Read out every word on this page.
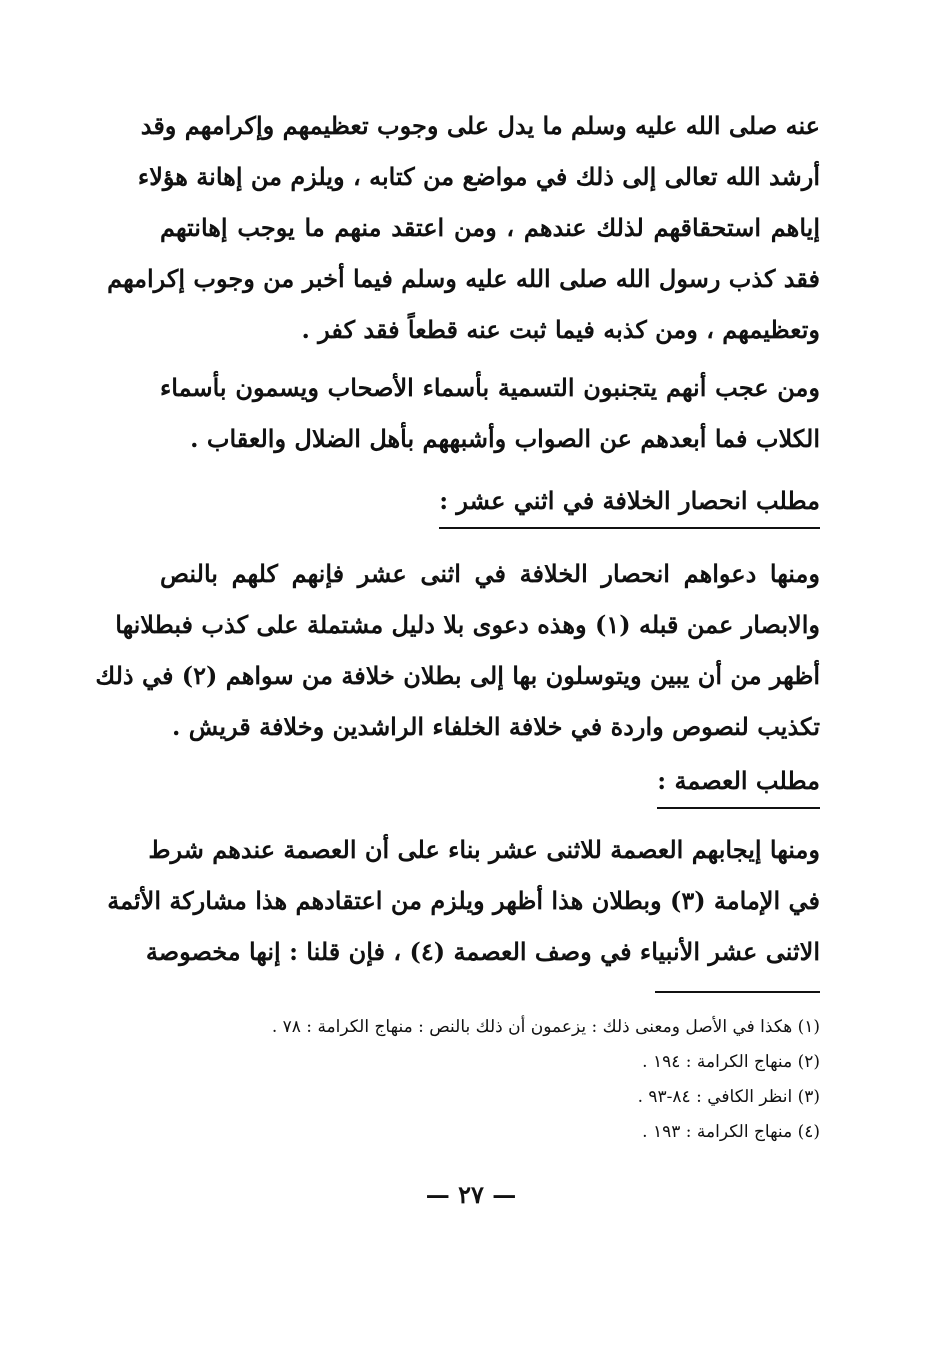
عنه صلى الله عليه وسلم ما يدل على وجوب تعظيمهم وإكرامهم وقد
أرشد الله تعالى إلى ذلك في مواضع من كتابه ، ويلزم من إهانة هؤلاء
إياهم استحقاقهم لذلك عندهم ، ومن اعتقد منهم ما يوجب إهانتهم
فقد كذب رسول الله صلى الله عليه وسلم فيما أخبر من وجوب إكرامهم
وتعظيمهم ، ومن كذبه فيما ثبت عنه قطعاً فقد كفر .
ومن عجب أنهم يتجنبون التسمية بأسماء الأصحاب ويسمون بأسماء
الكلاب فما أبعدهم عن الصواب وأشبههم بأهل الضلال والعقاب .
مطلب انحصار الخلافة في اثني عشر :
ومنها دعواهم انحصار الخلافة في اثنى عشر فإنهم كلهم بالنص
والابصار عمن قبله (١) وهذه دعوى بلا دليل مشتملة على كذب فبطلانها
أظهر من أن يبين ويتوسلون بها إلى بطلان خلافة من سواهم (٢) في ذلك
تكذيب لنصوص واردة في خلافة الخلفاء الراشدين وخلافة قريش .
مطلب العصمة :
ومنها إيجابهم العصمة للاثنى عشر بناء على أن العصمة عندهم شرط
في الإمامة (٣) وبطلان هذا أظهر ويلزم من اعتقادهم هذا مشاركة الأئمة
الاثنى عشر الأنبياء في وصف العصمة (٤) ، فإن قلنا : إنها مخصوصة
(١) هكذا في الأصل ومعنى ذلك : يزعمون أن ذلك بالنص : منهاج الكرامة : ٧٨ .
(٢) منهاج الكرامة : ١٩٤ .
(٣) انظر الكافي : ٨٤-٩٣ .
(٤) منهاج الكرامة : ١٩٣ .
— ٢٧ —
